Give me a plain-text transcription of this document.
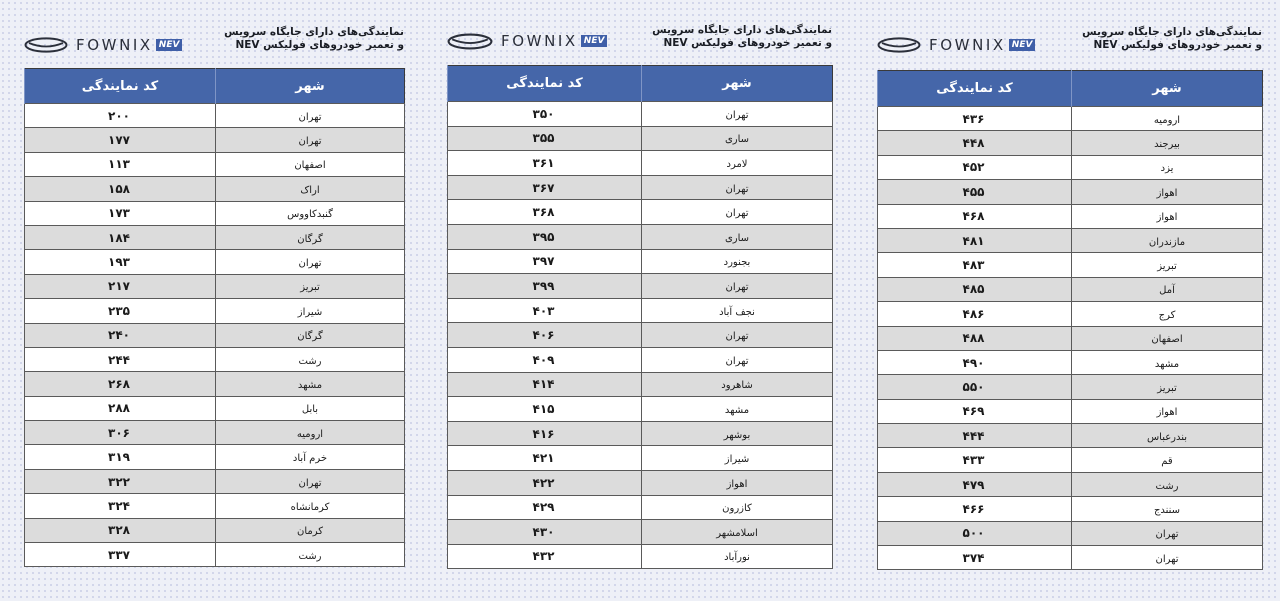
FOWNIX NEV
نمایندگی‌های دارای جایگاه سرویس
و تعمیر خودروهای فولیکس NEV
شهر	کد نمایندگی
تهران	۲۰۰
تهران	۱۷۷
اصفهان	۱۱۳
اراک	۱۵۸
گنبدکاووس	۱۷۳
گرگان	۱۸۴
تهران	۱۹۳
تبریز	۲۱۷
شیراز	۲۳۵
گرگان	۲۴۰
رشت	۲۴۴
مشهد	۲۶۸
بابل	۲۸۸
ارومیه	۳۰۶
خرم آباد	۳۱۹
تهران	۳۲۲
کرمانشاه	۳۲۴
کرمان	۳۲۸
رشت	۳۳۷
FOWNIX NEV
نمایندگی‌های دارای جایگاه سرویس
و تعمیر خودروهای فولیکس NEV
شهر	کد نمایندگی
تهران	۳۵۰
ساری	۳۵۵
لامرد	۳۶۱
تهران	۳۶۷
تهران	۳۶۸
ساری	۳۹۵
بجنورد	۳۹۷
تهران	۳۹۹
نجف آباد	۴۰۳
تهران	۴۰۶
تهران	۴۰۹
شاهرود	۴۱۴
مشهد	۴۱۵
بوشهر	۴۱۶
شیراز	۴۲۱
اهواز	۴۲۲
کازرون	۴۲۹
اسلامشهر	۴۳۰
نورآباد	۴۳۲
FOWNIX NEV
نمایندگی‌های دارای جایگاه سرویس
و تعمیر خودروهای فولیکس NEV
شهر	کد نمایندگی
ارومیه	۴۳۶
بیرجند	۴۴۸
یزد	۴۵۲
اهواز	۴۵۵
اهواز	۴۶۸
مازندران	۴۸۱
تبریز	۴۸۳
آمل	۴۸۵
کرج	۴۸۶
اصفهان	۴۸۸
مشهد	۴۹۰
تبریز	۵۵۰
اهواز	۴۶۹
بندرعباس	۴۴۴
قم	۴۳۳
رشت	۴۷۹
سنندج	۴۶۶
تهران	۵۰۰
تهران	۳۷۴
